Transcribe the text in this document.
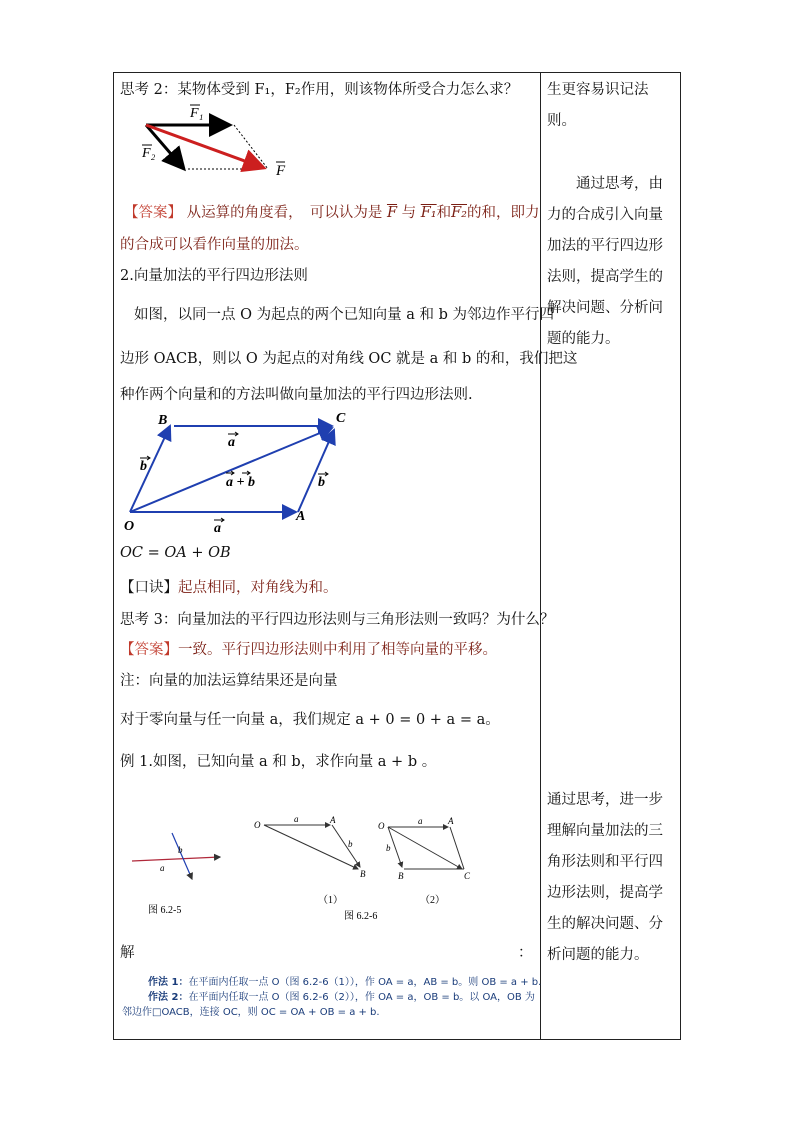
思考 2：某物体受到 F₁，F₂作用，则该物体所受合力怎么求？
F₁
F₂
F
【答案】 从运算的角度看，　可以认为是 $\overline{F}$ 与 F₁和F₂的和，即力
的合成可以看作向量的加法。
2.向量加法的平行四边形法则
如图，以同一点 O 为起点的两个已知向量 a 和 b 为邻边作平行四
边形 OACB，则以 O 为起点的对角线 OC 就是 a 和 b 的和，我们把这
种作两个向量和的方法叫做向量加法的平行四边形法则.
B	C
O
A
a
b
a + b	b
a
OC = OA + OB
【口诀】起点相同，对角线为和。
思考 3：向量加法的平行四边形法则与三角形法则一致吗？为什么？
【答案】一致。平行四边形法则中利用了相等向量的平移。
注：向量的加法运算结果还是向量
对于零向量与任一向量 a，我们规定 a + 0 = 0 + a = a。
例 1.如图，已知向量 a 和 b，求作向量 a + b 。
a
b
图 6.2-5
O	A
B
a
b
（1）
O	A
B	C
a
b
（2）
图 6.2-6
解	：
作法 1：在平面内任取一点 O（图 6.2-6（1）），作 OA = a，AB = b。则 OB = a + b.
作法 2：在平面内任取一点 O（图 6.2-6（2）），作 OA = a，OB = b。以 OA，OB 为
邻边作□OACB，连接 OC，则 OC = OA + OB = a + b.
生更容易识记法则。
通过思考，由力的合成引入向量加法的平行四边形法则，提高学生的解决问题、分析问题的能力。
通过思考，进一步理解向量加法的三角形法则和平行四边形法则，提高学生的解决问题、分析问题的能力。
